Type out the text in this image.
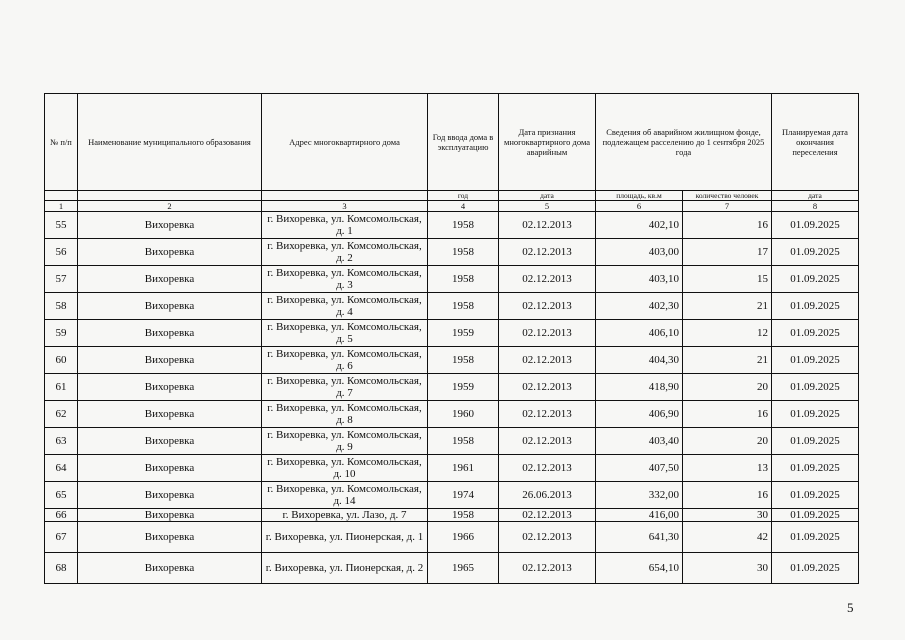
№ п/п	Наименование муниципального образования	Адрес многоквартирного дома	Год ввода дома в эксплуатацию	Дата признания многоквартирного дома аварийным	Сведения об аварийном жилищном фонде, подлежащем расселению до 1 сентября 2025 года		Планируемая дата окончания переселения
			год	дата	площадь, кв.м	количество человек	дата
1	2	3	4	5	6	7	8
55	Вихоревка	г. Вихоревка, ул. Комсомольская, д. 1	1958	02.12.2013	402,10	16	01.09.2025
56	Вихоревка	г. Вихоревка, ул. Комсомольская, д. 2	1958	02.12.2013	403,00	17	01.09.2025
57	Вихоревка	г. Вихоревка, ул. Комсомольская, д. 3	1958	02.12.2013	403,10	15	01.09.2025
58	Вихоревка	г. Вихоревка, ул. Комсомольская, д. 4	1958	02.12.2013	402,30	21	01.09.2025
59	Вихоревка	г. Вихоревка, ул. Комсомольская, д. 5	1959	02.12.2013	406,10	12	01.09.2025
60	Вихоревка	г. Вихоревка, ул. Комсомольская, д. 6	1958	02.12.2013	404,30	21	01.09.2025
61	Вихоревка	г. Вихоревка, ул. Комсомольская, д. 7	1959	02.12.2013	418,90	20	01.09.2025
62	Вихоревка	г. Вихоревка, ул. Комсомольская, д. 8	1960	02.12.2013	406,90	16	01.09.2025
63	Вихоревка	г. Вихоревка, ул. Комсомольская, д. 9	1958	02.12.2013	403,40	20	01.09.2025
64	Вихоревка	г. Вихоревка, ул. Комсомольская, д. 10	1961	02.12.2013	407,50	13	01.09.2025
65	Вихоревка	г. Вихоревка, ул. Комсомольская, д. 14	1974	26.06.2013	332,00	16	01.09.2025
66	Вихоревка	г. Вихоревка, ул. Лазо, д. 7	1958	02.12.2013	416,00	30	01.09.2025
67	Вихоревка	г. Вихоревка, ул. Пионерская, д. 1	1966	02.12.2013	641,30	42	01.09.2025
68	Вихоревка	г. Вихоревка, ул. Пионерская, д. 2	1965	02.12.2013	654,10	30	01.09.2025
5
